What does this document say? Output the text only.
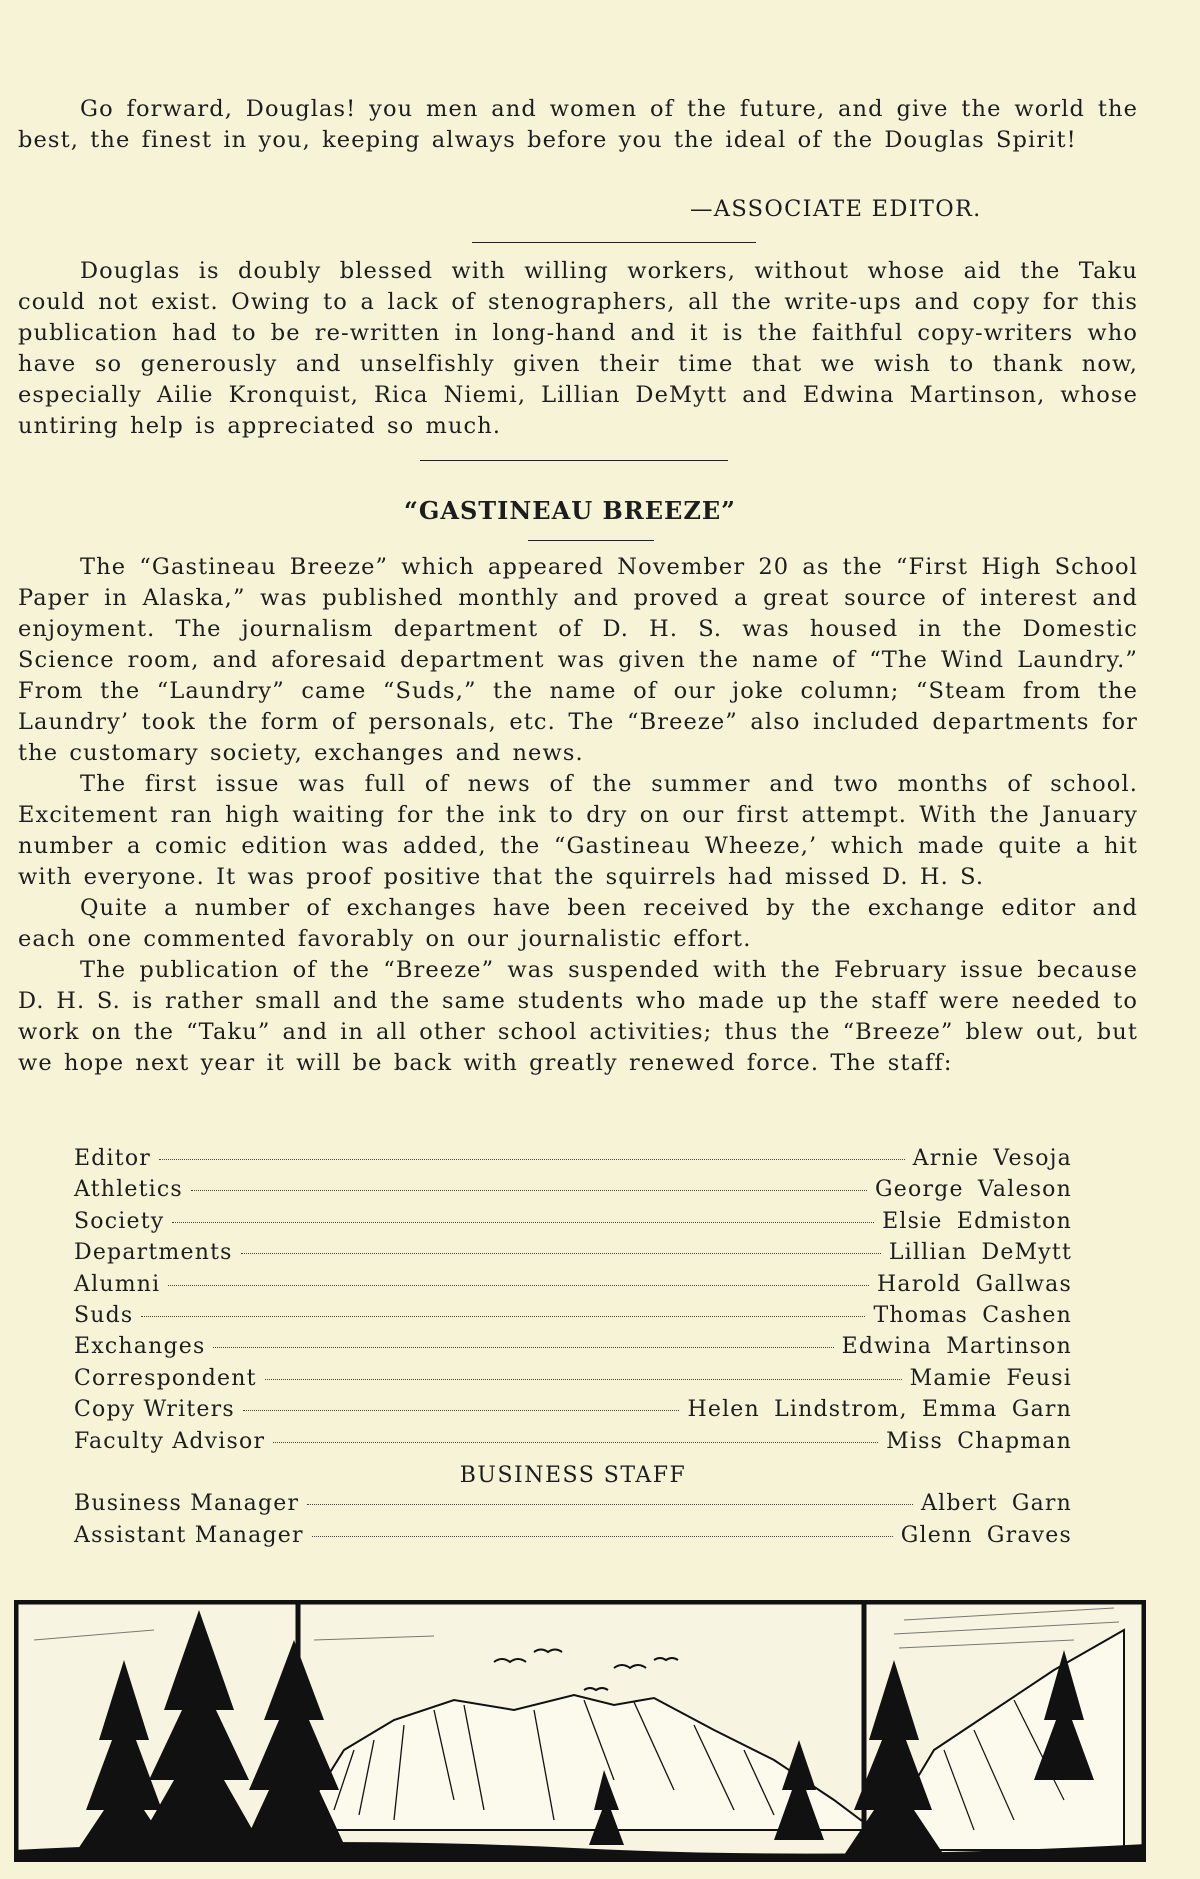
Go forward, Douglas! you men and women of the future, and give the world the best, the finest in you, keeping always before you the ideal of the Douglas Spirit!

—ASSOCIATE EDITOR.

Douglas is doubly blessed with willing workers, without whose aid the Taku could not exist. Owing to a lack of stenographers, all the write-ups and copy for this publication had to be re-written in long-hand and it is the faithful copy-writers who have so generously and unselfishly given their time that we wish to thank now, especially Ailie Kronquist, Rica Niemi, Lillian DeMytt and Edwina Martinson, whose untiring help is appreciated so much.

“GASTINEAU BREEZE”

The “Gastineau Breeze” which appeared November 20 as the “First High School Paper in Alaska,” was published monthly and proved a great source of interest and enjoyment. The journalism department of D. H. S. was housed in the Domestic Science room, and aforesaid department was given the name of “The Wind Laundry.” From the “Laundry” came “Suds,” the name of our joke column; “Steam from the Laundry’ took the form of personals, etc. The “Breeze” also included departments for the customary society, exchanges and news.

The first issue was full of news of the summer and two months of school. Excitement ran high waiting for the ink to dry on our first attempt. With the January number a comic edition was added, the “Gastineau Wheeze,’ which made quite a hit with everyone. It was proof positive that the squirrels had missed D. H. S.

Quite a number of exchanges have been received by the exchange editor and each one commented favorably on our journalistic effort.

The publication of the “Breeze” was suspended with the February issue because D. H. S. is rather small and the same students who made up the staff were needed to work on the “Taku” and in all other school activities; thus the “Breeze” blew out, but we hope next year it will be back with greatly renewed force. The staff:

Editor	Arnie Vesoja
Athletics	George Valeson
Society	Elsie Edmiston
Departments	Lillian DeMytt
Alumni	Harold Gallwas
Suds	Thomas Cashen
Exchanges	Edwina Martinson
Correspondent	Mamie Feusi
Copy Writers	Helen Lindstrom, Emma Garn
Faculty Advisor	Miss Chapman
BUSINESS STAFF
Business Manager	Albert Garn
Assistant Manager	Glenn Graves
